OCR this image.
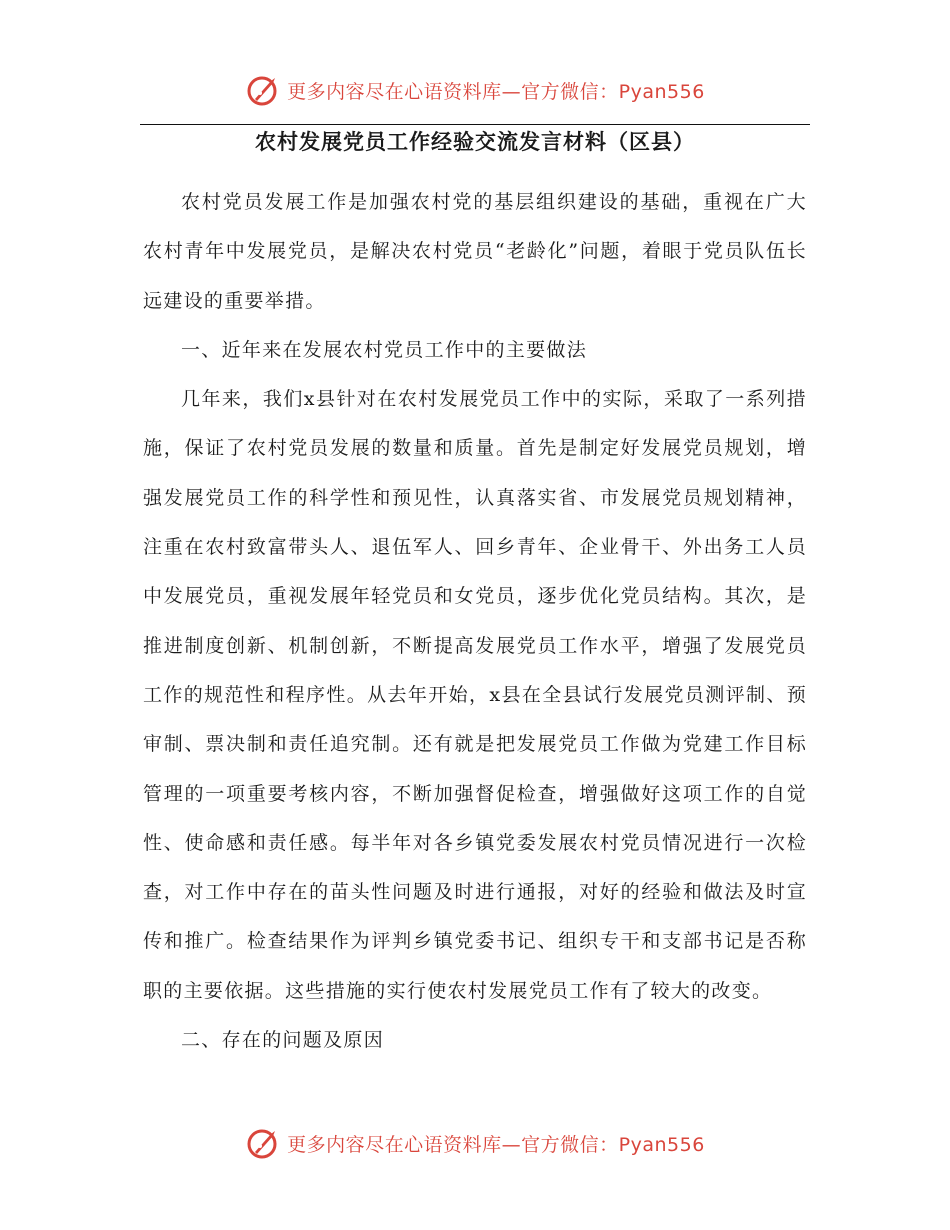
更多内容尽在心语资料库—官方微信：Pyan556
农村发展党员工作经验交流发言材料（区县）

农村党员发展工作是加强农村党的基层组织建设的基础，重视在广大农村青年中发展党员，是解决农村党员“老龄化”问题，着眼于党员队伍长远建设的重要举措。

一、近年来在发展农村党员工作中的主要做法

几年来，我们x县针对在农村发展党员工作中的实际，采取了一系列措施，保证了农村党员发展的数量和质量。首先是制定好发展党员规划，增强发展党员工作的科学性和预见性，认真落实省、市发展党员规划精神，注重在农村致富带头人、退伍军人、回乡青年、企业骨干、外出务工人员中发展党员，重视发展年轻党员和女党员，逐步优化党员结构。其次，是推进制度创新、机制创新，不断提高发展党员工作水平，增强了发展党员工作的规范性和程序性。从去年开始，x县在全县试行发展党员测评制、预审制、票决制和责任追究制。还有就是把发展党员工作做为党建工作目标管理的一项重要考核内容，不断加强督促检查，增强做好这项工作的自觉性、使命感和责任感。每半年对各乡镇党委发展农村党员情况进行一次检查，对工作中存在的苗头性问题及时进行通报，对好的经验和做法及时宣传和推广。检查结果作为评判乡镇党委书记、组织专干和支部书记是否称职的主要依据。这些措施的实行使农村发展党员工作有了较大的改变。

二、存在的问题及原因

更多内容尽在心语资料库—官方微信：Pyan556
